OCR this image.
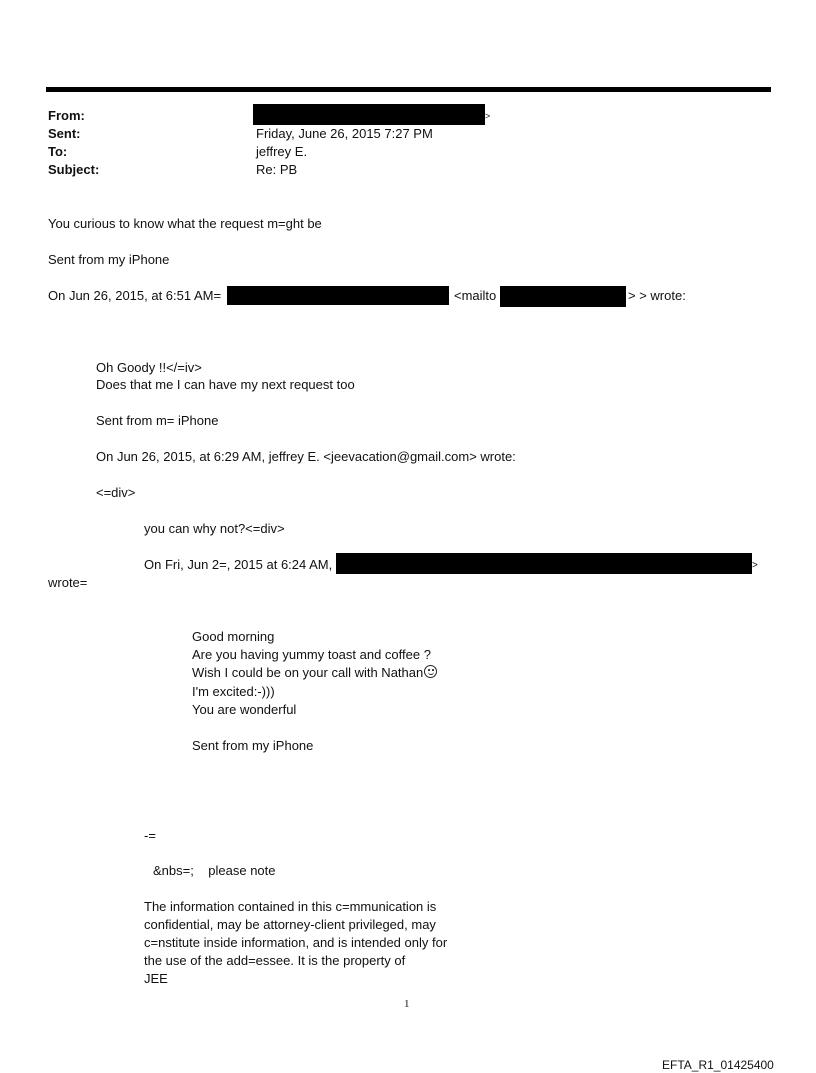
From:	>
Sent:	Friday, June 26, 2015 7:27 PM
To:	jeffrey E.
Subject:	Re: PB
You curious to know what the request m=ght be
Sent from my iPhone
On Jun 26, 2015, at 6:51 AM=	<mailto	> > wrote:
Oh Goody !!</=iv>
Does that me I can have my next request too
Sent from m= iPhone
On Jun 26, 2015, at 6:29 AM, jeffrey E. <jeevacation@gmail.com> wrote:
<=div>
you can why not?<=div>
On Fri, Jun 2=, 2015 at 6:24 AM,	>
wrote=
Good morning
Are you having yummy toast and coffee ?
Wish I could be on your call with Nathan
I'm excited:-)))
You are wonderful
Sent from my iPhone
-=
&nbs=;    please note
The information contained in this c=mmunication is
confidential, may be attorney-client privileged, may
c=nstitute inside information, and is intended only for
the use of the add=essee. It is the property of
JEE
1
EFTA_R1_01425400
